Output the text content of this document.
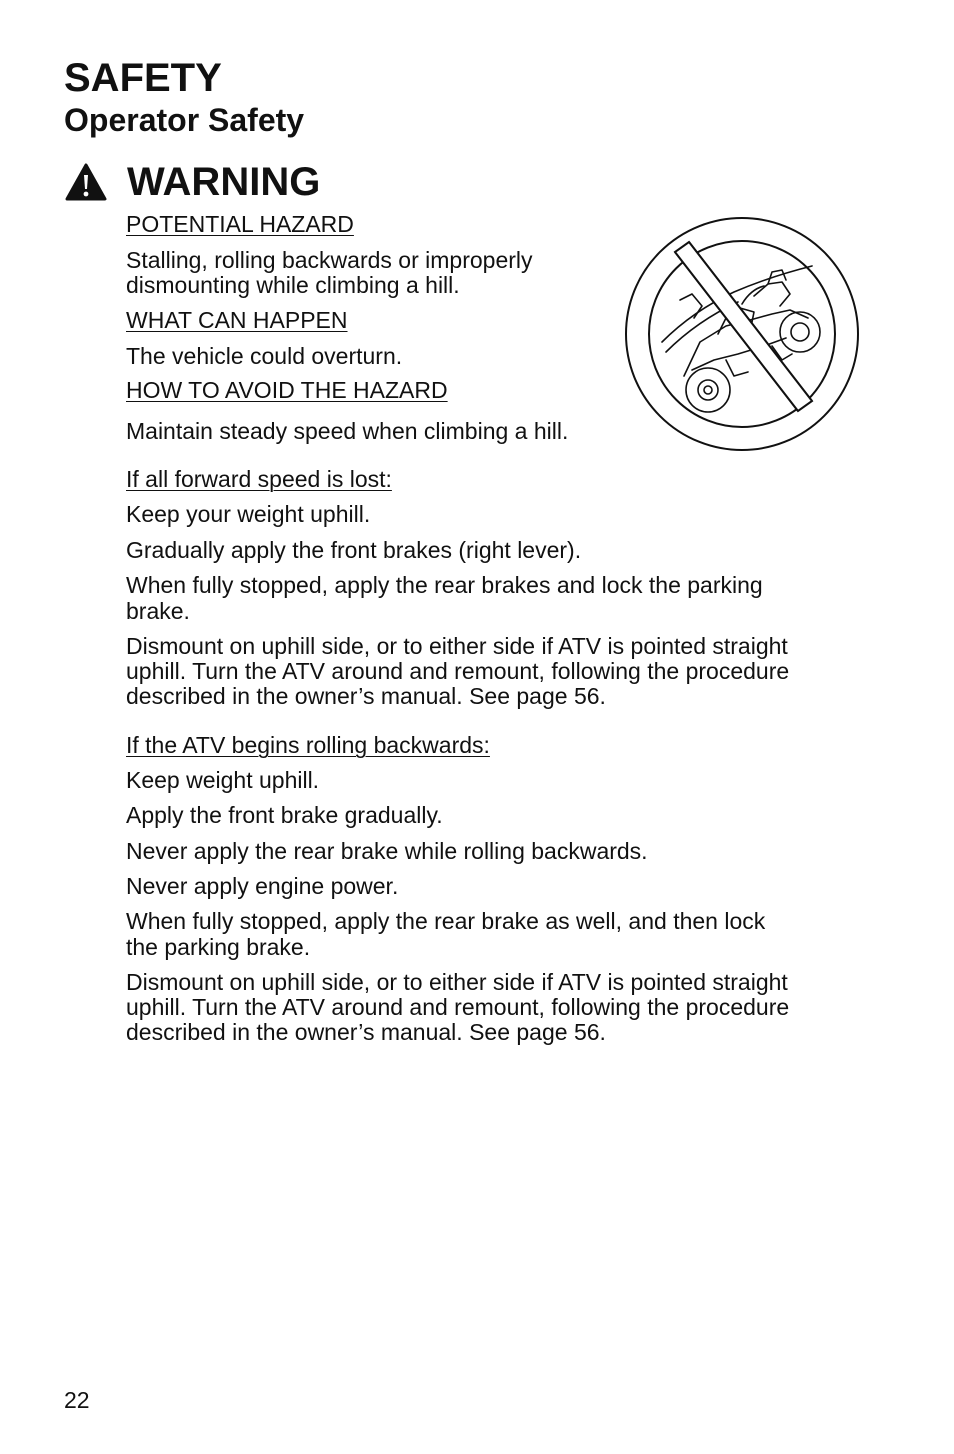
SAFETY
Operator Safety
WARNING

POTENTIAL HAZARD

Stalling, rolling backwards or improperly

dismounting while climbing a hill.

WHAT CAN HAPPEN

The vehicle could overturn.

HOW TO AVOID THE HAZARD

Maintain steady speed when climbing a hill.

If all forward speed is lost:

Keep your weight uphill.

Gradually apply the front brakes (right lever).

When fully stopped, apply the rear brakes and lock the parking

brake.

Dismount on uphill side, or to either side if ATV is pointed straight

uphill. Turn the ATV around and remount, following the procedure

described in the owner’s manual. See page 56.

If the ATV begins rolling backwards:

Keep weight uphill.

Apply the front brake gradually.

Never apply the rear brake while rolling backwards.

Never apply engine power.

When fully stopped, apply the rear brake as well, and then lock

the parking brake.

Dismount on uphill side, or to either side if ATV is pointed straight

uphill. Turn the ATV around and remount, following the procedure

described in the owner’s manual. See page 56.

22
